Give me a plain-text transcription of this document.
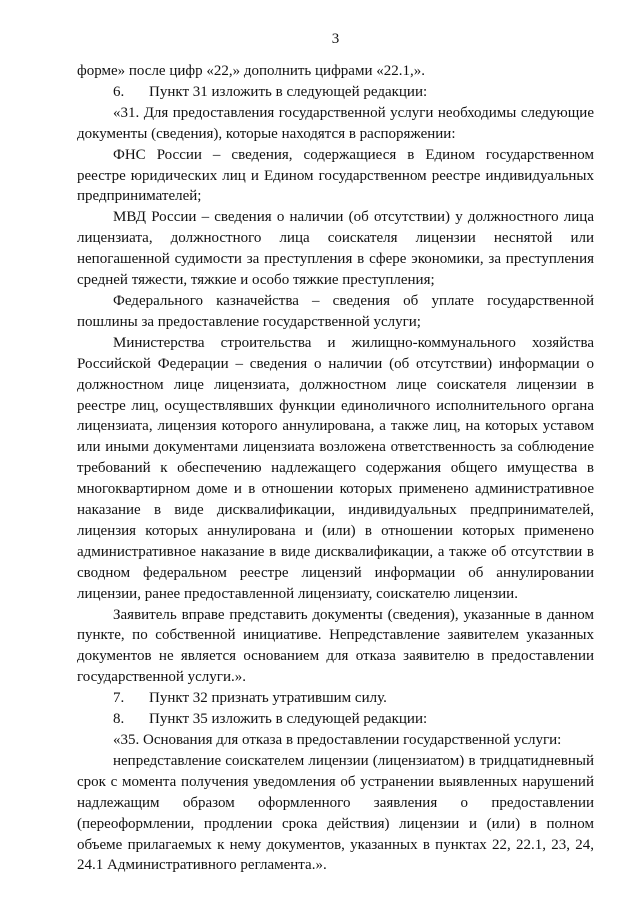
3

форме» после цифр «22,» дополнить цифрами «22.1,».

6. Пункт 31 изложить в следующей редакции:

«31. Для предоставления государственной услуги необходимы следующие документы (сведения), которые находятся в распоряжении:

ФНС России – сведения, содержащиеся в Едином государственном реестре юридических лиц и Едином государственном реестре индивидуальных предпринимателей;

МВД России – сведения о наличии (об отсутствии) у должностного лица лицензиата, должностного лица соискателя лицензии неснятой или непогашенной судимости за преступления в сфере экономики, за преступления средней тяжести, тяжкие и особо тяжкие преступления;

Федерального казначейства – сведения об уплате государственной пошлины за предоставление государственной услуги;

Министерства строительства и жилищно-коммунального хозяйства Российской Федерации – сведения о наличии (об отсутствии) информации о должностном лице лицензиата, должностном лице соискателя лицензии в реестре лиц, осуществлявших функции единоличного исполнительного органа лицензиата, лицензия которого аннулирована, а также лиц, на которых уставом или иными документами лицензиата возложена ответственность за соблюдение требований к обеспечению надлежащего содержания общего имущества в многоквартирном доме и в отношении которых применено административное наказание в виде дисквалификации, индивидуальных предпринимателей, лицензия которых аннулирована и (или) в отношении которых применено административное наказание в виде дисквалификации, а также об отсутствии в сводном федеральном реестре лицензий информации об аннулировании лицензии, ранее предоставленной лицензиату, соискателю лицензии.

Заявитель вправе представить документы (сведения), указанные в данном пункте, по собственной инициативе. Непредставление заявителем указанных документов не является основанием для отказа заявителю в предоставлении государственной услуги.».

7. Пункт 32 признать утратившим силу.

8. Пункт 35 изложить в следующей редакции:

«35. Основания для отказа в предоставлении государственной услуги:

непредставление соискателем лицензии (лицензиатом) в тридцатидневный срок с момента получения уведомления об устранении выявленных нарушений надлежащим образом оформленного заявления о предоставлении (переоформлении, продлении срока действия) лицензии и (или) в полном объеме прилагаемых к нему документов, указанных в пунктах 22, 22.1, 23, 24, 24.1 Административного регламента.».
